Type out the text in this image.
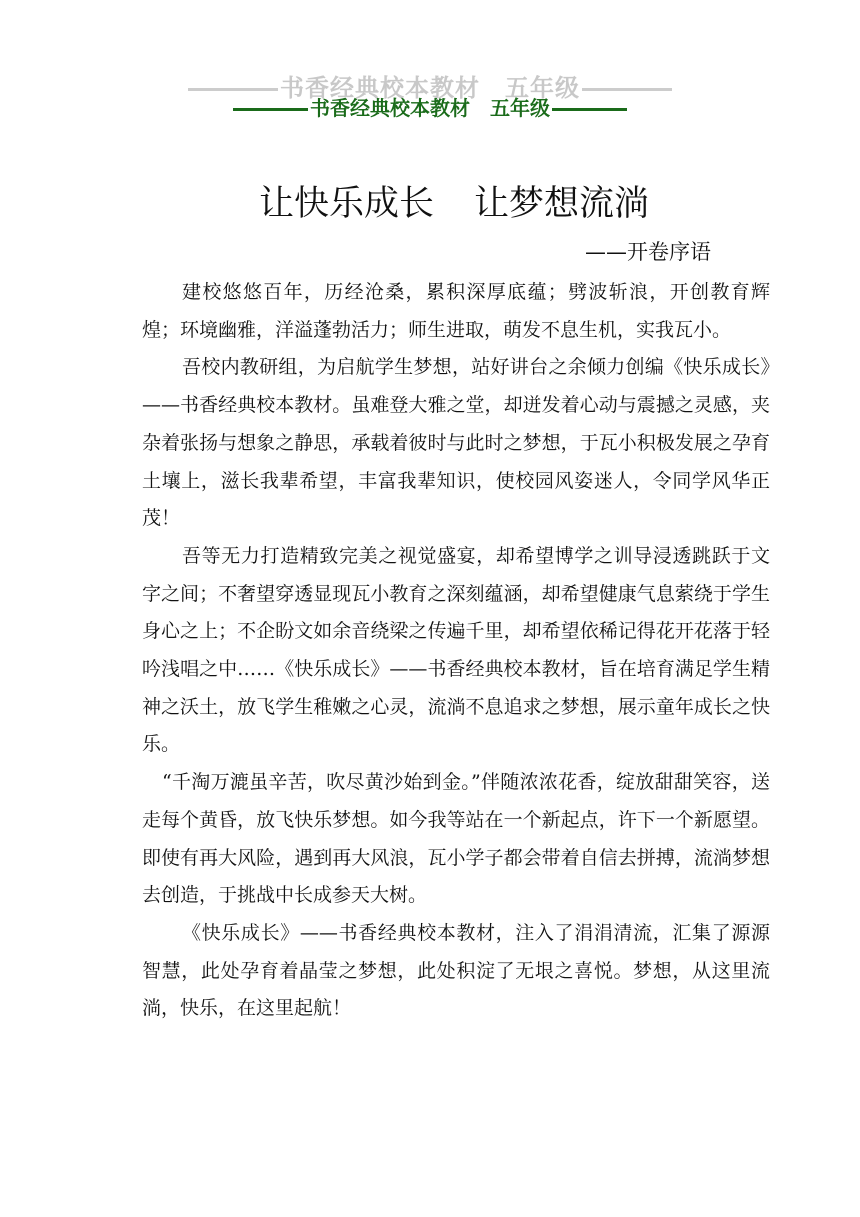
书香经典校本教材　五年级
书香经典校本教材　五年级
让快乐成长 让梦想流淌
——开卷序语

建校悠悠百年，历经沧桑，累积深厚底蕴；劈波斩浪，开创教育辉煌；环境幽雅，洋溢蓬勃活力；师生进取，萌发不息生机，实我瓦小。

吾校内教研组，为启航学生梦想，站好讲台之余倾力创编《快乐成长》——书香经典校本教材。虽难登大雅之堂，却迸发着心动与震撼之灵感，夹杂着张扬与想象之静思，承载着彼时与此时之梦想，于瓦小积极发展之孕育土壤上，滋长我辈希望，丰富我辈知识，使校园风姿迷人，令同学风华正茂！

吾等无力打造精致完美之视觉盛宴，却希望博学之训导浸透跳跃于文字之间；不奢望穿透显现瓦小教育之深刻蕴涵，却希望健康气息萦绕于学生身心之上；不企盼文如余音绕梁之传遍千里，却希望依稀记得花开花落于轻吟浅唱之中……《快乐成长》——书香经典校本教材，旨在培育满足学生精神之沃土，放飞学生稚嫩之心灵，流淌不息追求之梦想，展示童年成长之快乐。

“千淘万漉虽辛苦，吹尽黄沙始到金。”伴随浓浓花香，绽放甜甜笑容，送走每个黄昏，放飞快乐梦想。如今我等站在一个新起点，许下一个新愿望。即使有再大风险，遇到再大风浪，瓦小学子都会带着自信去拼搏，流淌梦想去创造，于挑战中长成参天大树。

《快乐成长》——书香经典校本教材，注入了涓涓清流，汇集了源源智慧，此处孕育着晶莹之梦想，此处积淀了无垠之喜悦。梦想，从这里流淌，快乐，在这里起航！
